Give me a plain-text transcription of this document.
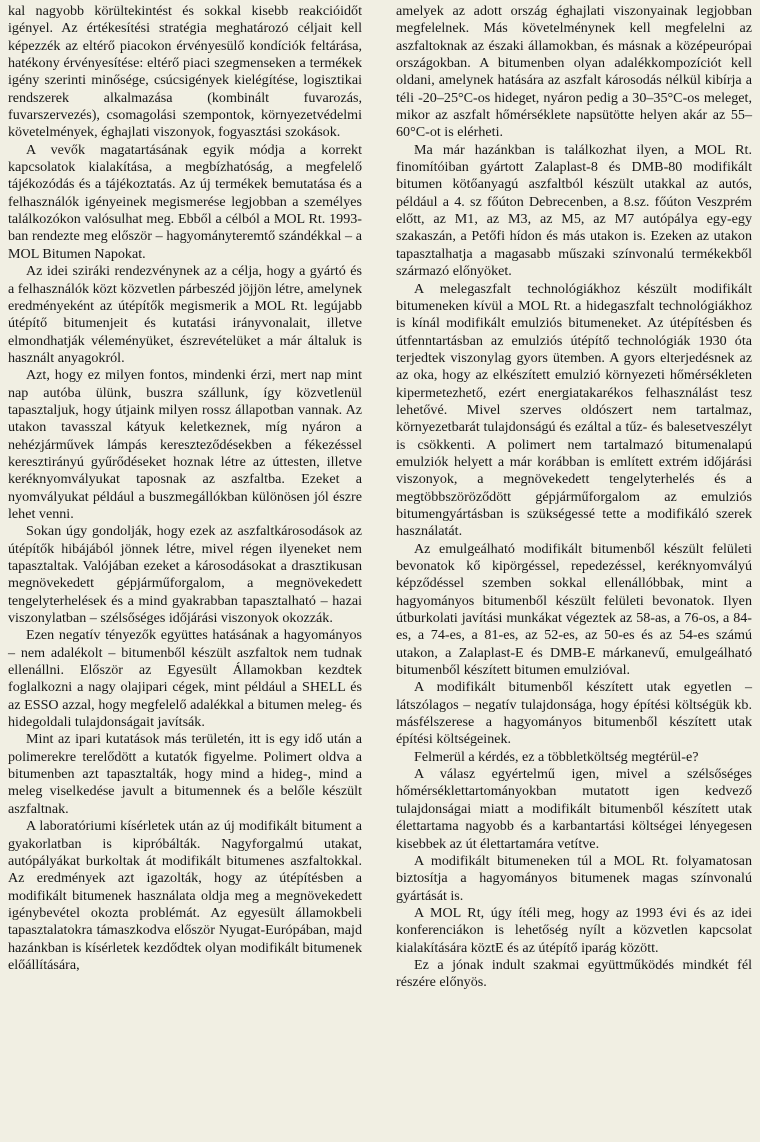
kal nagyobb körültekintést és sokkal kisebb reakcióidőt igényel. Az értékesítési stratégia meghatározó céljait kell képezzék az eltérő piacokon érvényesülő kondíciók feltárása, hatékony érvényesítése: eltérő piaci szegmenseken a termékek igény szerinti minősége, csúcsigények kielégítése, logisztikai rendszerek alkalmazása (kombinált fuvarozás, fuvarszervezés), csomagolási szempontok, környezetvédelmi követelmények, éghajlati viszonyok, fogyasztási szokások.

A vevők magatartásának egyik módja a korrekt kapcsolatok kialakítása, a megbízhatóság, a megfelelő tájékozódás és a tájékoztatás. Az új termékek bemutatása és a felhasználók igényeinek megismerése legjobban a személyes találkozókon valósulhat meg. Ebből a célból a MOL Rt. 1993-ban rendezte meg először – hagyományteremtő szándékkal – a MOL Bitumen Napokat.

Az idei sziráki rendezvénynek az a célja, hogy a gyártó és a felhasználók közt közvetlen párbeszéd jöjjön létre, amelynek eredményeként az útépítők megismerik a MOL Rt. legújabb útépítő bitumenjeit és kutatási irányvonalait, illetve elmondhatják véleményüket, észrevételüket a már általuk is használt anyagokról.

Azt, hogy ez milyen fontos, mindenki érzi, mert nap mint nap autóba ülünk, buszra szállunk, így közvetlenül tapasztaljuk, hogy útjaink milyen rossz állapotban vannak. Az utakon tavasszal kátyuk keletkeznek, míg nyáron a nehézjárművek lámpás kereszteződésekben a fékezéssel keresztirányú gyűrődéseket hoznak létre az úttesten, illetve keréknyomvályukat taposnak az aszfaltba. Ezeket a nyomvályukat például a buszmegállókban különösen jól észre lehet venni.

Sokan úgy gondolják, hogy ezek az aszfaltkárosodások az útépítők hibájából jönnek létre, mivel régen ilyeneket nem tapasztaltak. Valójában ezeket a károsodásokat a drasztikusan megnövekedett gépjárműforgalom, a megnövekedett tengelyterhelések és a mind gyakrabban tapasztalható – hazai viszonylatban – szélsőséges időjárási viszonyok okozzák.

Ezen negatív tényezők együttes hatásának a hagyományos – nem adalékolt – bitumenből készült aszfaltok nem tudnak ellenállni. Először az Egyesült Államokban kezdtek foglalkozni a nagy olajipari cégek, mint például a SHELL és az ESSO azzal, hogy megfelelő adalékkal a bitumen meleg- és hidegoldali tulajdonságait javítsák.

Mint az ipari kutatások más területén, itt is egy idő után a polimerekre terelődött a kutatók figyelme. Polimert oldva a bitumenben azt tapasztalták, hogy mind a hideg-, mind a meleg viselkedése javult a bitumennek és a belőle készült aszfaltnak.

A laboratóriumi kísérletek után az új modifikált bitument a gyakorlatban is kipróbálták. Nagyforgalmú utakat, autópályákat burkoltak át modifikált bitumenes aszfaltokkal. Az eredmények azt igazolták, hogy az útépítésben a modifikált bitumenek használata oldja meg a megnövekedett igénybevétel okozta problémát. Az egyesült államokbeli tapasztalatokra támaszkodva először Nyugat-Európában, majd hazánkban is kísérletek kezdődtek olyan modifikált bitumenek előállítására,

amelyek az adott ország éghajlati viszonyainak legjobban megfelelnek. Más követelménynek kell megfelelni az aszfaltoknak az északi államokban, és másnak a középeurópai országokban. A bitumenben olyan adalékkompozíciót kell oldani, amelynek hatására az aszfalt károsodás nélkül kibírja a téli -20–25°C-os hideget, nyáron pedig a 30–35°C-os meleget, mikor az aszfalt hőmérséklete napsütötte helyen akár az 55–60°C-ot is elérheti.

Ma már hazánkban is találkozhat ilyen, a MOL Rt. finomítóiban gyártott Zalaplast-8 és DMB-80 modifikált bitumen kötőanyagú aszfaltból készült utakkal az autós, például a 4. sz főúton Debrecenben, a 8.sz. főúton Veszprém előtt, az M1, az M3, az M5, az M7 autópálya egy-egy szakaszán, a Petőfi hídon és más utakon is. Ezeken az utakon tapasztalhatja a magasabb műszaki színvonalú termékekből származó előnyöket.

A melegaszfalt technológiákhoz készült modifikált bitumeneken kívül a MOL Rt. a hidegaszfalt technológiákhoz is kínál modifikált emulziós bitumeneket. Az útépítésben és útfenntartásban az emulziós útépítő technológiák 1930 óta terjedtek viszonylag gyors ütemben. A gyors elterjedésnek az az oka, hogy az elkészített emulzió környezeti hőmérsékleten kipermetezhető, ezért energiatakarékos felhasználást tesz lehetővé. Mivel szerves oldószert nem tartalmaz, környezetbarát tulajdonságú és ezáltal a tűz- és balesetveszélyt is csökkenti. A polimert nem tartalmazó bitumenalapú emulziók helyett a már korábban is említett extrém időjárási viszonyok, a megnövekedett tengelyterhelés és a megtöbbszöröződött gépjárműforgalom az emulziós bitumengyártásban is szükségessé tette a modifikáló szerek használatát.

Az emulgeálható modifikált bitumenből készült felületi bevonatok kő kipörgéssel, repedezéssel, keréknyomvályú képződéssel szemben sokkal ellenállóbbak, mint a hagyományos bitumenből készült felületi bevonatok. Ilyen útburkolati javítási munkákat végeztek az 58-as, a 76-os, a 84-es, a 74-es, a 81-es, az 52-es, az 50-es és az 54-es számú utakon, a Zalaplast-E és DMB-E márkanevű, emulgeálható bitumenből készített bitumen emulzióval.

A modifikált bitumenből készített utak egyetlen – látszólagos – negatív tulajdonsága, hogy építési költségük kb. másfélszerese a hagyományos bitumenből készített utak építési költségeinek.

Felmerül a kérdés, ez a többletköltség megtérül-e?

A válasz egyértelmű igen, mivel a szélsőséges hőmérséklettartományokban mutatott igen kedvező tulajdonságai miatt a modifikált bitumenből készített utak élettartama nagyobb és a karbantartási költségei lényegesen kisebbek az út élettartamára vetítve.

A modifikált bitumeneken túl a MOL Rt. folyamatosan biztosítja a hagyományos bitumenek magas színvonalú gyártását is.

A MOL Rt, úgy ítéli meg, hogy az 1993 évi és az idei konferenciákon is lehetőség nyílt a közvetlen kapcsolat kialakítására köztE és az útépítő iparág között.

Ez a jónak indult szakmai együttműködés mindkét fél részére előnyös.
